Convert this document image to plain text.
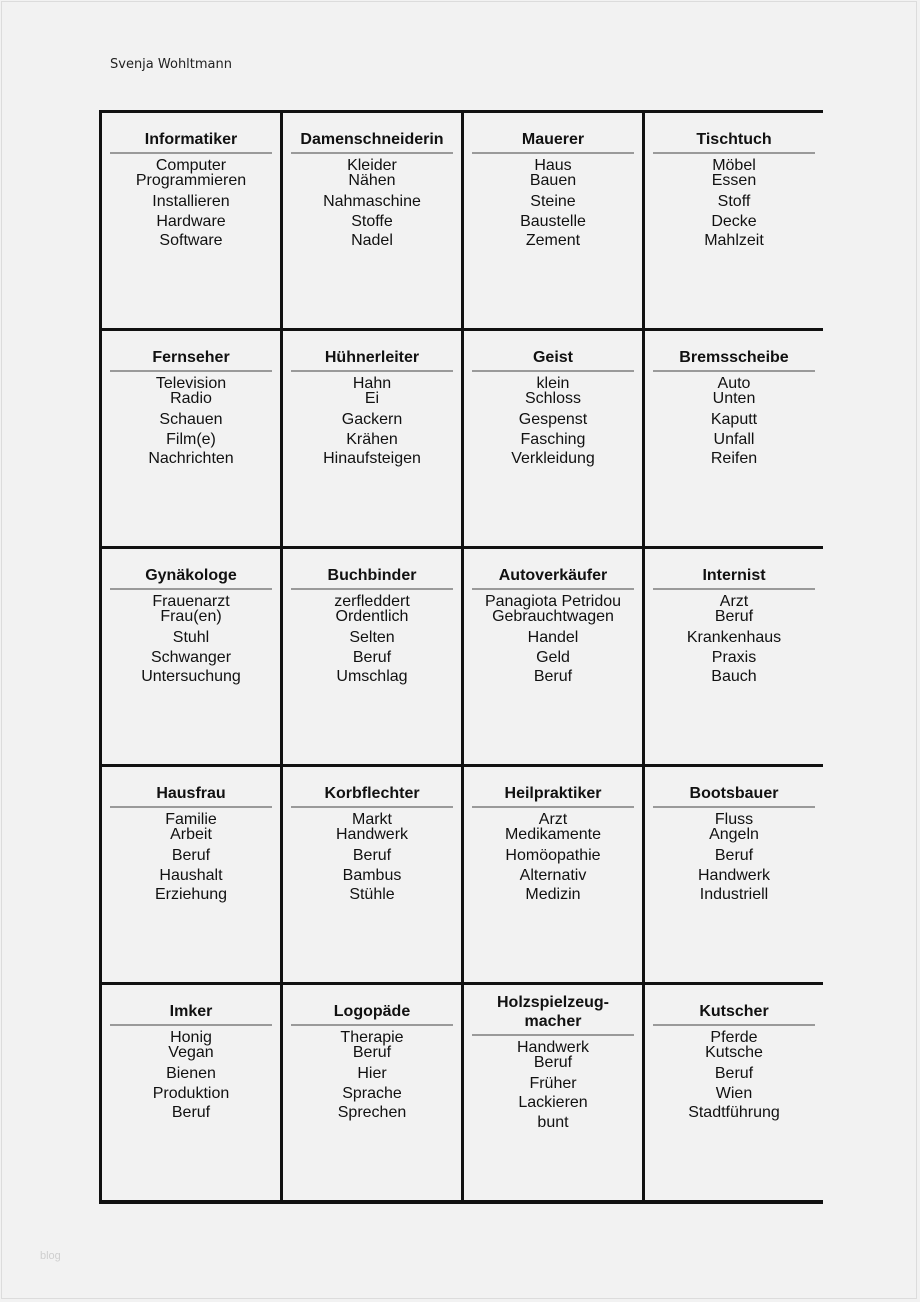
Svenja Wohltmann
Informatiker
Computer
Programmieren
Installieren
Hardware
Software
Damenschneiderin
Kleider
Nähen
Nahmaschine
Stoffe
Nadel
Mauerer
Haus
Bauen
Steine
Baustelle
Zement
Tischtuch
Möbel
Essen
Stoff
Decke
Mahlzeit
Fernseher
Television
Radio
Schauen
Film(e)
Nachrichten
Hühnerleiter
Hahn
Ei
Gackern
Krähen
Hinaufsteigen
Geist
klein
Schloss
Gespenst
Fasching
Verkleidung
Bremsscheibe
Auto
Unten
Kaputt
Unfall
Reifen
Gynäkologe
Frauenarzt
Frau(en)
Stuhl
Schwanger
Untersuchung
Buchbinder
zerfleddert
Ordentlich
Selten
Beruf
Umschlag
Autoverkäufer
Panagiota Petridou
Gebrauchtwagen
Handel
Geld
Beruf
Internist
Arzt
Beruf
Krankenhaus
Praxis
Bauch
Hausfrau
Familie
Arbeit
Beruf
Haushalt
Erziehung
Korbflechter
Markt
Handwerk
Beruf
Bambus
Stühle
Heilpraktiker
Arzt
Medikamente
Homöopathie
Alternativ
Medizin
Bootsbauer
Fluss
Angeln
Beruf
Handwerk
Industriell
Imker
Honig
Vegan
Bienen
Produktion
Beruf
Logopäde
Therapie
Beruf
Hier
Sprache
Sprechen
Holzspielzeug-
macher
Handwerk
Beruf
Früher
Lackieren
bunt
Kutscher
Pferde
Kutsche
Beruf
Wien
Stadtführung
blog
